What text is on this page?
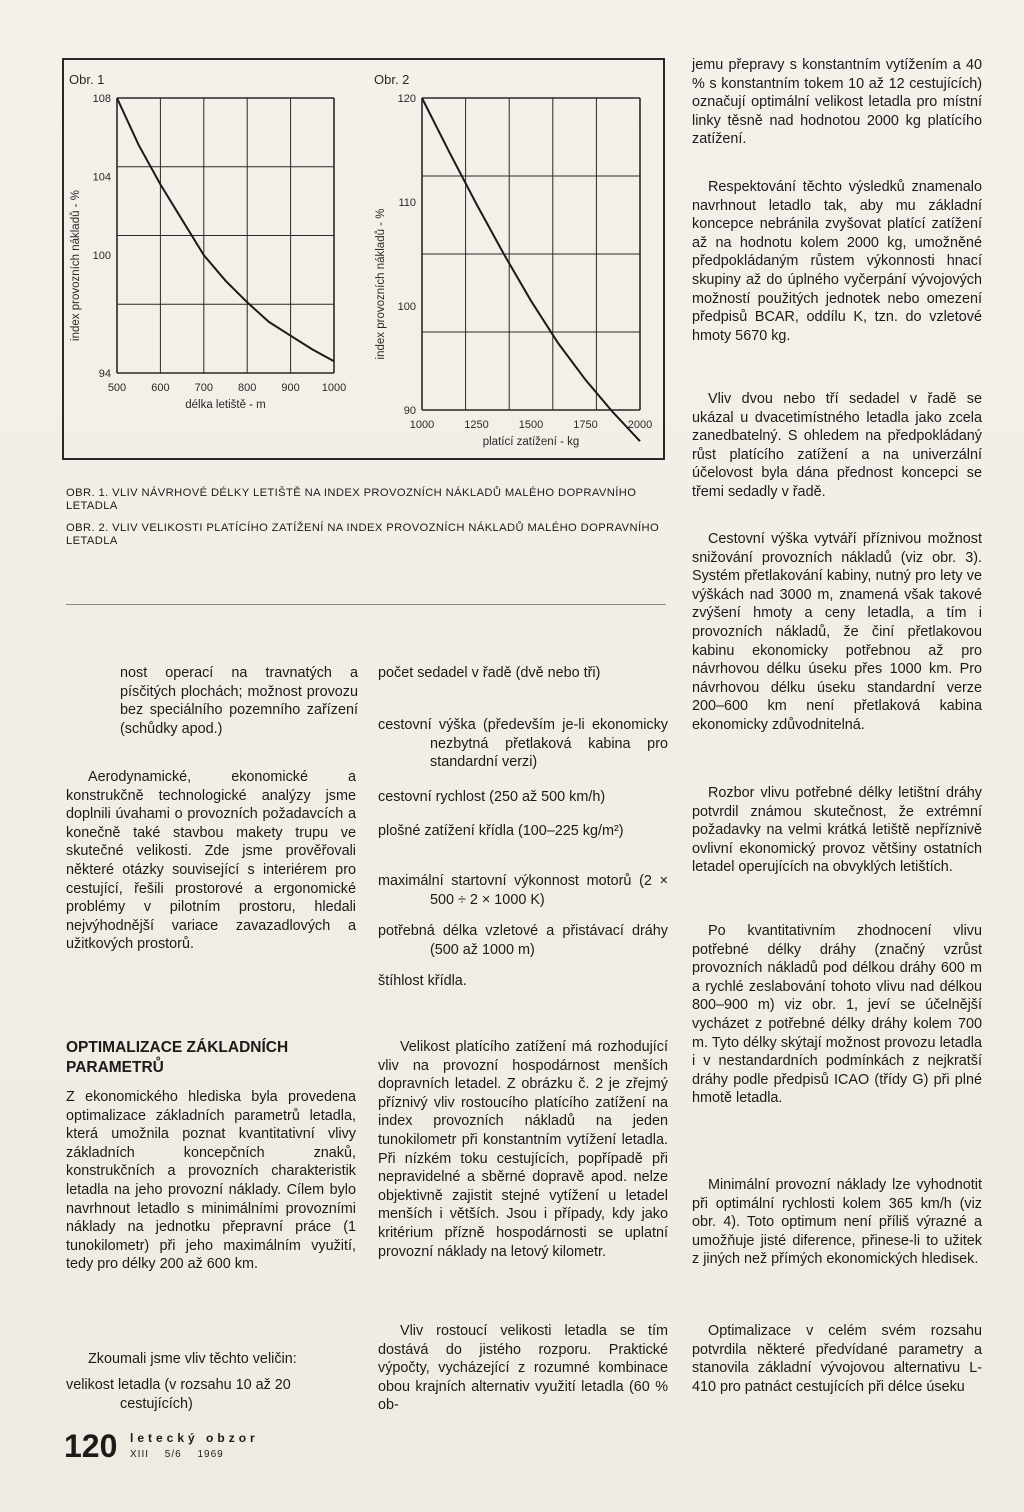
Obr. 1
108
104
100
94
500 600 700 800 900 1000
délka letiště - m
index provozních nákladů - %
Obr. 2
120
110
100
90
1000	1250	1500	1750	2000
platící zatížení - kg
index provozních nákladů - %
OBR. 1. VLIV NÁVRHOVÉ DÉLKY LETIŠTĚ NA INDEX PROVOZNÍCH NÁKLADŮ MALÉHO DOPRAVNÍHO LETADLA
OBR. 2. VLIV VELIKOSTI PLATÍCÍHO ZATÍŽENÍ NA INDEX PROVOZNÍCH NÁKLADŮ MALÉHO DOPRAVNÍHO LETADLA
nost operací na travnatých a písčitých plochách; možnost provozu bez speciálního pozemního zařízení (schůdky apod.)
Aerodynamické, ekonomické a konstrukčně technologické analýzy jsme doplnili úvahami o provozních požadavcích a konečně také stavbou makety trupu ve skutečné velikosti. Zde jsme prověřovali některé otázky související s interiérem pro cestující, řešili prostorové a ergonomické problémy v pilotním prostoru, hledali nejvýhodnější variace zavazadlových a užitkových prostorů.
OPTIMALIZACE ZÁKLADNÍCH PARAMETRŮ
Z ekonomického hlediska byla provedena optimalizace základních parametrů letadla, která umožnila poznat kvantitativní vlivy základních koncepčních znaků, konstrukčních a provozních charakteristik letadla na jeho provozní náklady. Cílem bylo navrhnout letadlo s minimálními provozními náklady na jednotku přepravní práce (1 tunokilometr) při jeho maximálním využití, tedy pro délky 200 až 600 km.
Zkoumali jsme vliv těchto veličin:
velikost letadla (v rozsahu 10 až 20 cestujících)
počet sedadel v řadě (dvě nebo tři)
cestovní výška (především je-li ekonomicky nezbytná přetlaková kabina pro standardní verzi)
cestovní rychlost (250 až 500 km/h)
plošné zatížení křídla (100–225 kg/m²)
maximální startovní výkonnost motorů (2 × 500 ÷ 2 × 1000 K)
potřebná délka vzletové a přistávací dráhy (500 až 1000 m)
štíhlost křídla.
Velikost platícího zatížení má rozhodující vliv na provozní hospodárnost menších dopravních letadel. Z obrázku č. 2 je zřejmý příznivý vliv rostoucího platícího zatížení na index provozních nákladů na jeden tunokilometr při konstantním vytížení letadla. Při nízkém toku cestujících, popřípadě při nepravidelné a sběrné dopravě apod. nelze objektivně zajistit stejné vytížení u letadel menších i větších. Jsou i případy, kdy jako kritérium přízně hospodárnosti se uplatní provozní náklady na letový kilometr.
Vliv rostoucí velikosti letadla se tím dostává do jistého rozporu. Praktické výpočty, vycházející z rozumné kombinace obou krajních alternativ využití letadla (60 % ob-
jemu přepravy s konstantním vytížením a 40 % s konstantním tokem 10 až 12 cestujících) označují optimální velikost letadla pro místní linky těsně nad hodnotou 2000 kg platícího zatížení.
Respektování těchto výsledků znamenalo navrhnout letadlo tak, aby mu základní koncepce nebránila zvyšovat platící zatížení až na hodnotu kolem 2000 kg, umožněné předpokládaným růstem výkonnosti hnací skupiny až do úplného vyčerpání vývojových možností použitých jednotek nebo omezení předpisů BCAR, oddílu K, tzn. do vzletové hmoty 5670 kg.
Vliv dvou nebo tří sedadel v řadě se ukázal u dvacetimístného letadla jako zcela zanedbatelný. S ohledem na předpokládaný růst platícího zatížení a na univerzální účelovost byla dána přednost koncepci se třemi sedadly v řadě.
Cestovní výška vytváří příznivou možnost snižování provozních nákladů (viz obr. 3). Systém přetlakování kabiny, nutný pro lety ve výškách nad 3000 m, znamená však takové zvýšení hmoty a ceny letadla, a tím i provozních nákladů, že činí přetlakovou kabinu ekonomicky potřebnou až pro návrhovou délku úseku přes 1000 km. Pro návrhovou délku úseku standardní verze 200–600 km není přetlaková kabina ekonomicky zdůvodnitelná.
Rozbor vlivu potřebné délky letištní dráhy potvrdil známou skutečnost, že extrémní požadavky na velmi krátká letiště nepříznivě ovlivní ekonomický provoz většiny ostatních letadel operujících na obvyklých letištích.
Po kvantitativním zhodnocení vlivu potřebné délky dráhy (značný vzrůst provozních nákladů pod délkou dráhy 600 m a rychlé zeslabování tohoto vlivu nad délkou 800–900 m) viz obr. 1, jeví se účelnější vycházet z potřebné délky dráhy kolem 700 m. Tyto délky skýtají možnost provozu letadla i v nestandardních podmínkách z nejkratší dráhy podle předpisů ICAO (třídy G) při plné hmotě letadla.
Minimální provozní náklady lze vyhodnotit při optimální rychlosti kolem 365 km/h (viz obr. 4). Toto optimum není příliš výrazné a umožňuje jisté diference, přinese-li to užitek z jiných než přímých ekonomických hledisek.
Optimalizace v celém svém rozsahu potvrdila některé předvídané parametry a stanovila základní vývojovou alternativu L-410 pro patnáct cestujících při délce úseku
120 letecký obzor
XIII 5/6 1969
